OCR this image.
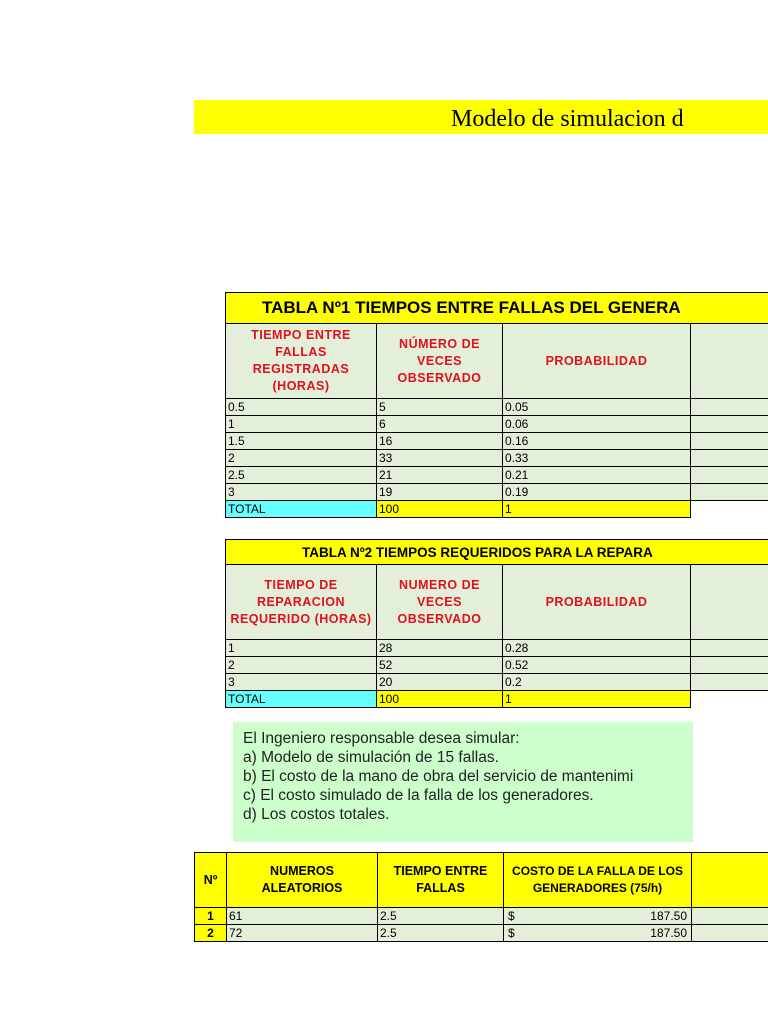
Modelo de simulacion d
TABLA Nº1 TIEMPOS ENTRE FALLAS DEL GENERA			
TIEMPO ENTRE FALLAS REGISTRADAS (HORAS)	NÚMERO DE VECES OBSERVADO	PROBABILIDAD	
0.5	5	0.05	
1	6	0.06	
1.5	16	0.16	
2	33	0.33	
2.5	21	0.21	
3	19	0.19	
TOTAL	100	1	
TABLA Nº2 TIEMPOS REQUERIDOS PARA LA REPARA			
TIEMPO DE REPARACION REQUERIDO (HORAS)	NUMERO DE VECES OBSERVADO	PROBABILIDAD	
1	28	0.28	
2	52	0.52	
3	20	0.2	
TOTAL	100	1	
El Ingeniero responsable desea simular:
a) Modelo de simulación de 15 fallas.
b) El costo de la mano de obra del servicio de mantenimi
c) El costo simulado de la falla de los generadores.
d) Los costos totales.
Nº	NUMEROS ALEATORIOS	TIEMPO ENTRE FALLAS	COSTO DE LA FALLA DE LOS GENERADORES (75/h)	
1	61	2.5	$ 187.50	

2	72	2.5	$ 187.50	
